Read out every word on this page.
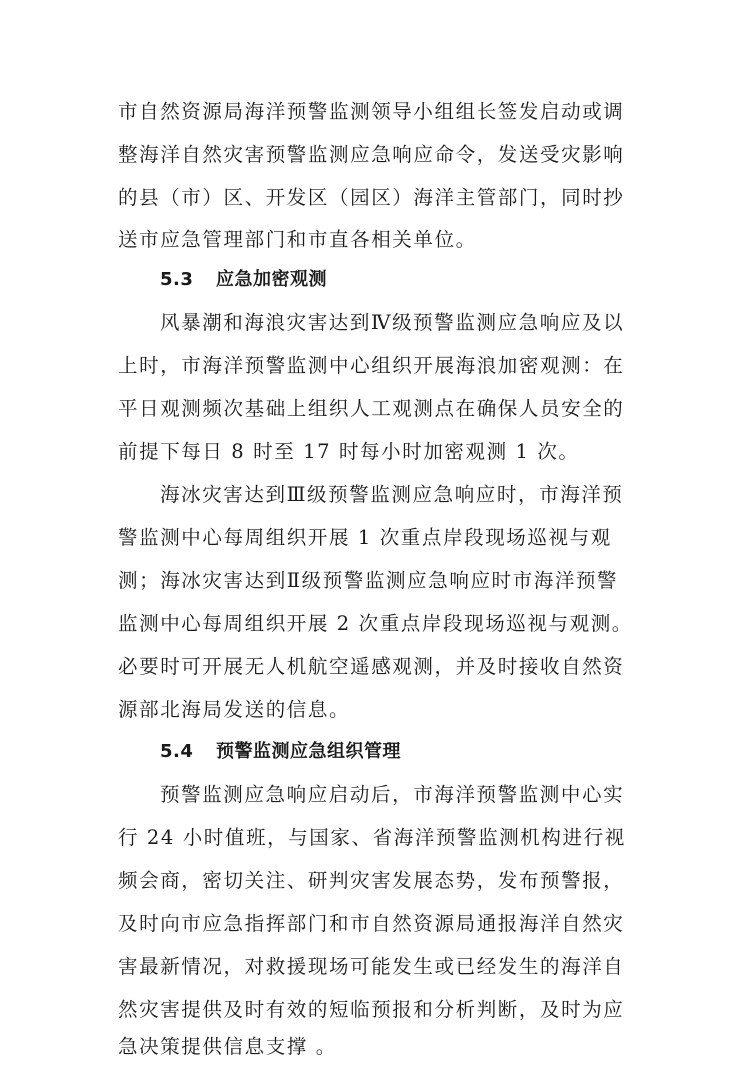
市自然资源局海洋预警监测领导小组组长签发启动或调
整海洋自然灾害预警监测应急响应命令，发送受灾影响
的县（市）区、开发区（园区）海洋主管部门，同时抄
送市应急管理部门和市直各相关单位。
5.3 应急加密观测
风暴潮和海浪灾害达到Ⅳ级预警监测应急响应及以
上时，市海洋预警监测中心组织开展海浪加密观测：在
平日观测频次基础上组织人工观测点在确保人员安全的
前提下每日 8 时至 17 时每小时加密观测 1 次。
海冰灾害达到Ⅲ级预警监测应急响应时，市海洋预
警监测中心每周组织开展 1 次重点岸段现场巡视与观
测；海冰灾害达到Ⅱ级预警监测应急响应时市海洋预警
监测中心每周组织开展 2 次重点岸段现场巡视与观测。
必要时可开展无人机航空遥感观测，并及时接收自然资
源部北海局发送的信息。
5.4 预警监测应急组织管理
预警监测应急响应启动后，市海洋预警监测中心实
行 24 小时值班，与国家、省海洋预警监测机构进行视
频会商，密切关注、研判灾害发展态势，发布预警报，
及时向市应急指挥部门和市自然资源局通报海洋自然灾
害最新情况，对救援现场可能发生或已经发生的海洋自
然灾害提供及时有效的短临预报和分析判断，及时为应
急决策提供信息支撑 。
